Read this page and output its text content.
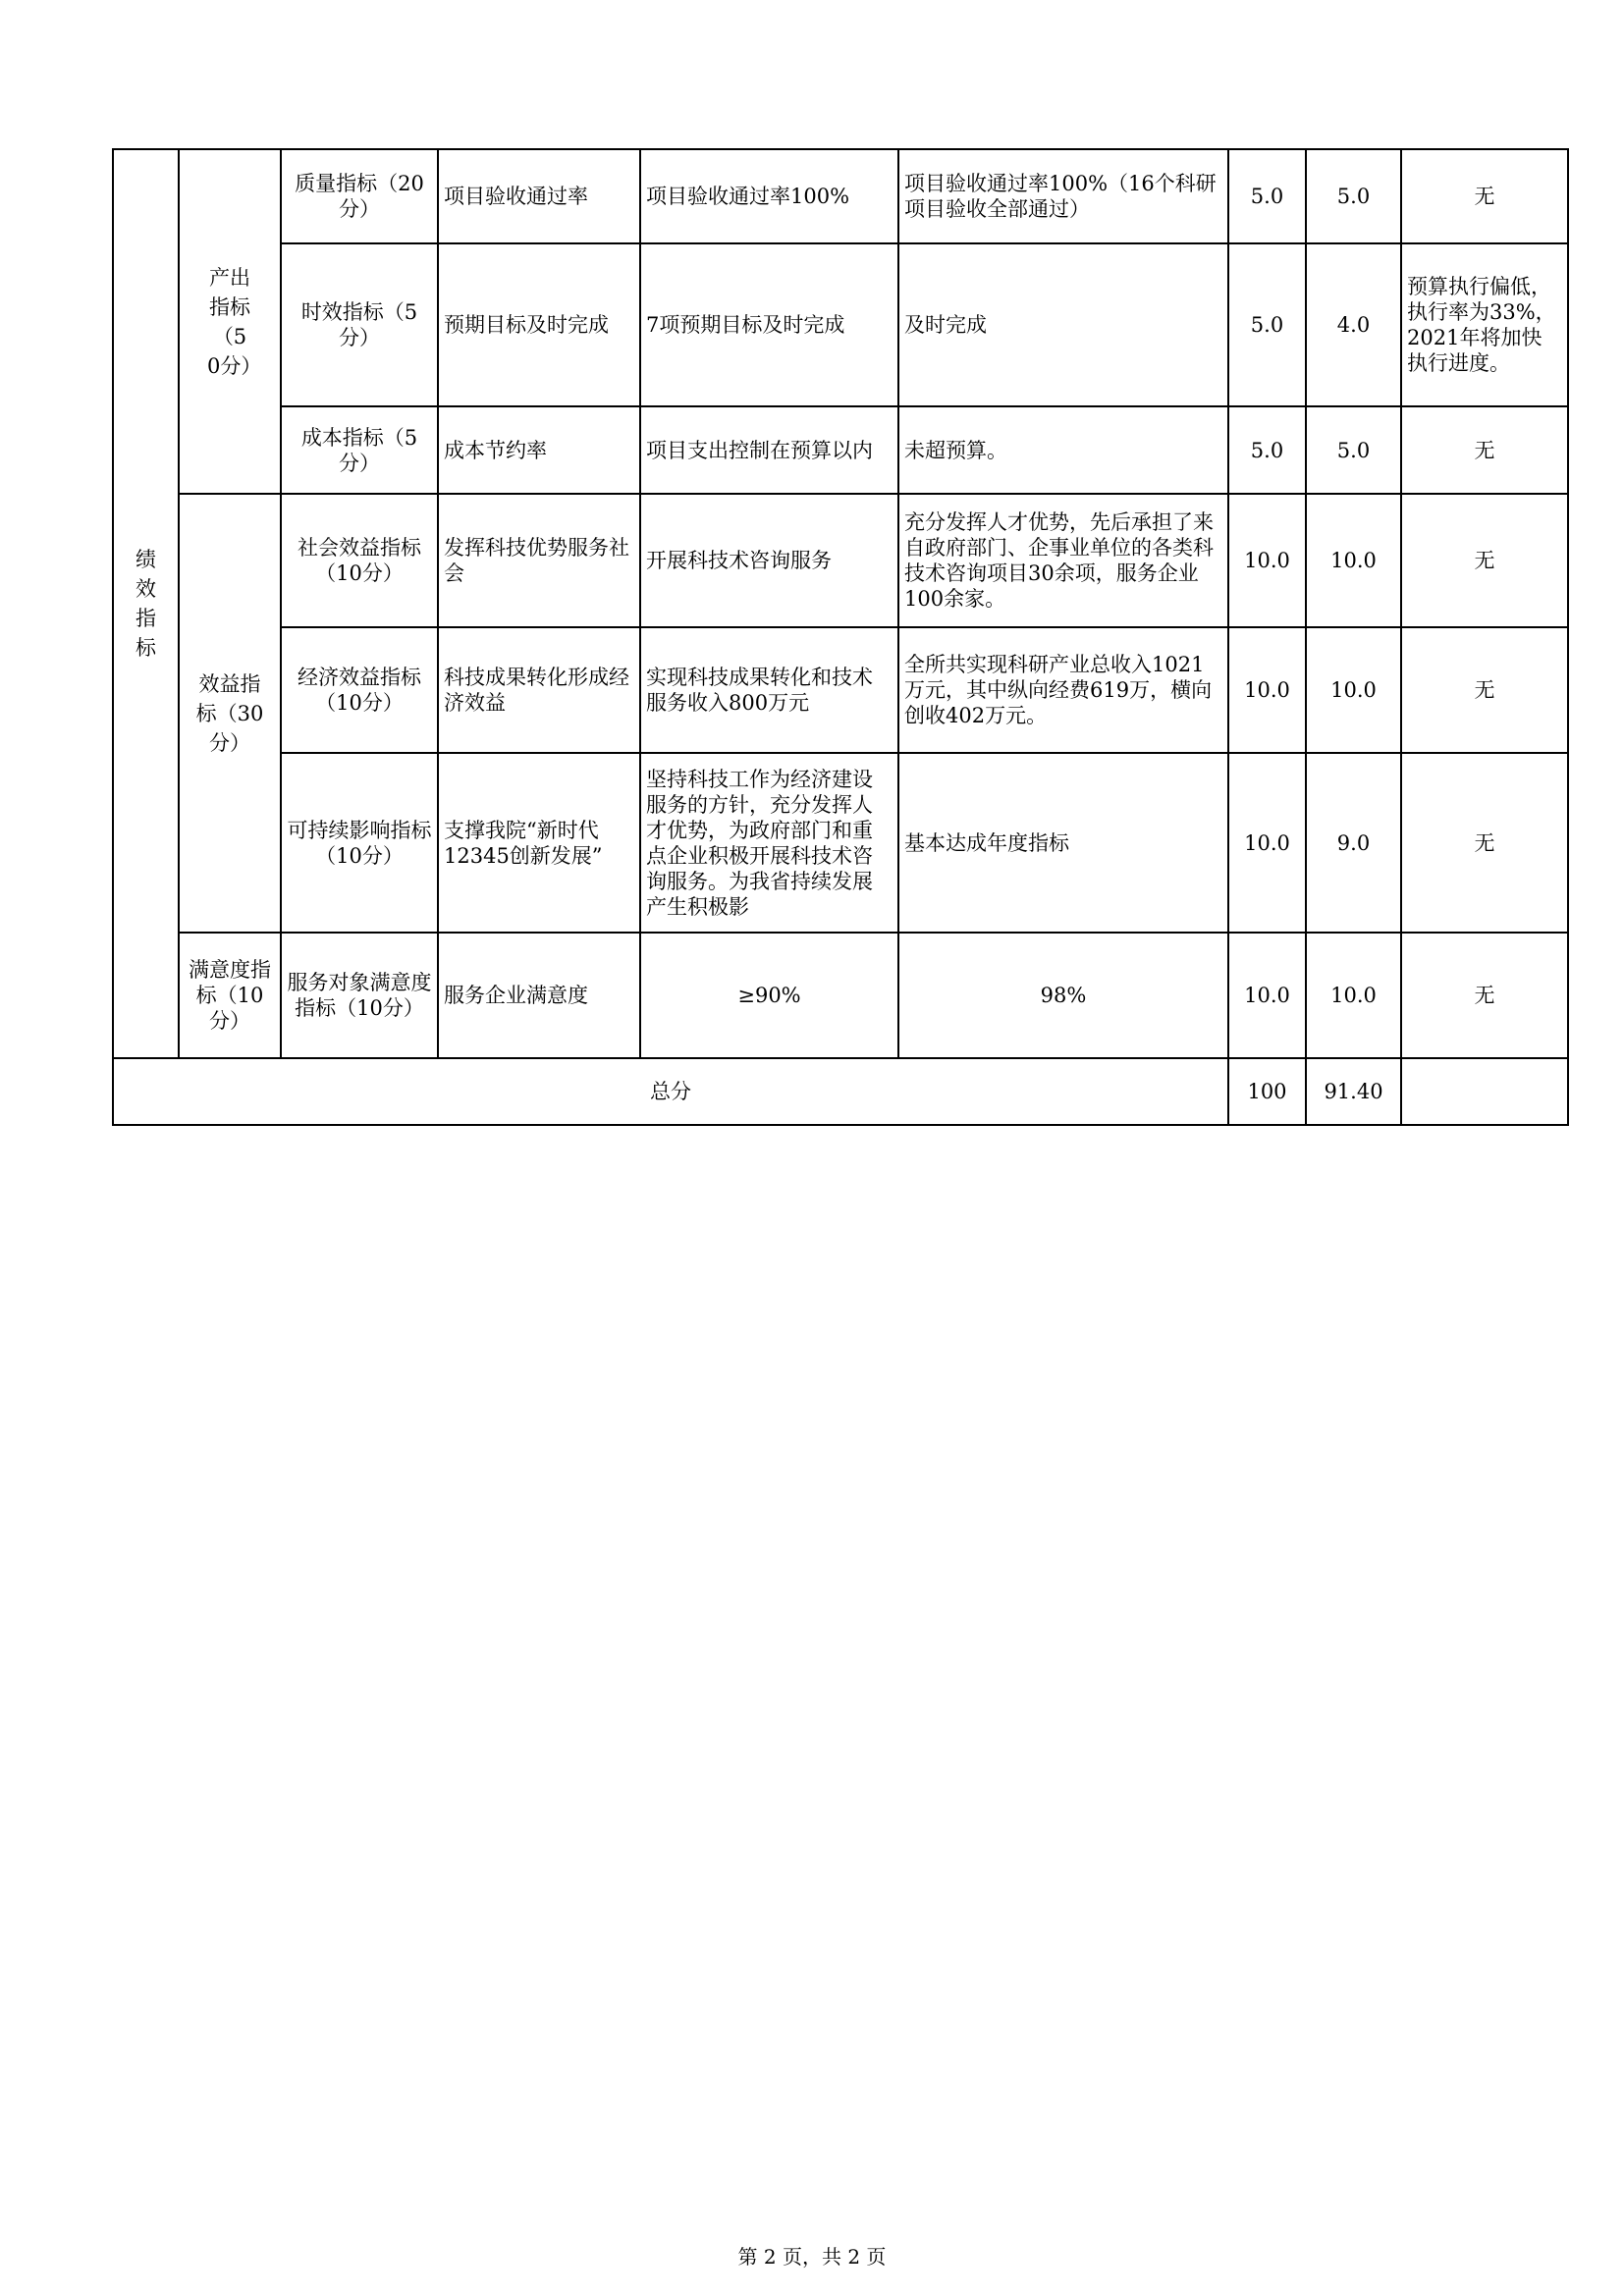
绩效指标	产出指标（50分）	质量指标（20分）	项目验收通过率	项目验收通过率100%	项目验收通过率100%（16个科研项目验收全部通过）	5.0	5.0	无
		时效指标（5分）	预期目标及时完成	7项预期目标及时完成	及时完成	5.0	4.0	预算执行偏低，执行率为33%，2021年将加快执行进度。
		成本指标（5分）	成本节约率	项目支出控制在预算以内	未超预算。	5.0	5.0	无
	效益指标（30分）	社会效益指标（10分）	发挥科技优势服务社会	开展科技术咨询服务	充分发挥人才优势，先后承担了来自政府部门、企事业单位的各类科技术咨询项目30余项，服务企业100余家。	10.0	10.0	无
		经济效益指标（10分）	科技成果转化形成经济效益	实现科技成果转化和技术服务收入800万元	全所共实现科研产业总收入1021万元，其中纵向经费619万，横向创收402万元。	10.0	10.0	无
		可持续影响指标（10分）	支撑我院“新时代12345创新发展”	坚持科技工作为经济建设服务的方针，充分发挥人才优势，为政府部门和重点企业积极开展科技术咨询服务。为我省持续发展产生积极影	基本达成年度指标	10.0	9.0	无
	满意度指标（10分）	服务对象满意度指标（10分）	服务企业满意度	≥90%	98%	10.0	10.0	无
总分						100	91.40	
第 2 页，共 2 页
